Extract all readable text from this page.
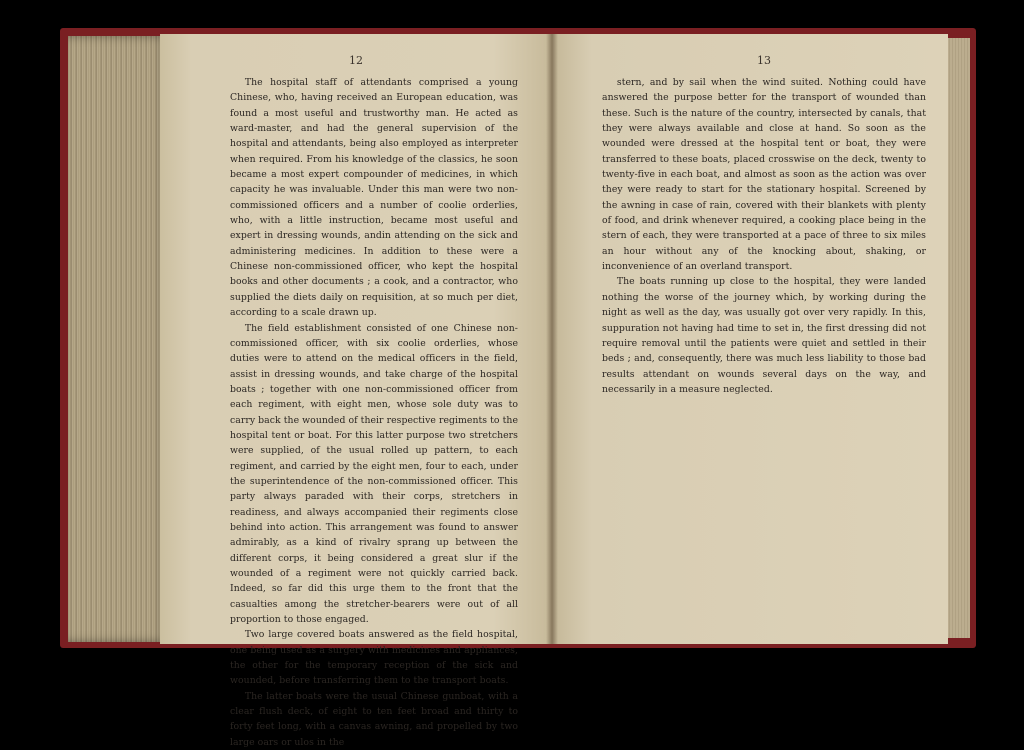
12

The hospital staff of attendants comprised a young Chinese, who, having received an European education, was found a most useful and trustworthy man. He acted as ward-master, and had the general supervision of the hospital and attendants, being also employed as interpreter when required. From his knowledge of the classics, he soon became a most expert compounder of medicines, in which capacity he was invaluable. Under this man were two non-commissioned officers and a number of coolie orderlies, who, with a little instruction, became most useful and expert in dressing wounds, andin attending on the sick and administering medicines. In addition to these were a Chinese non-commissioned officer, who kept the hospital books and other documents ; a cook, and a contractor, who supplied the diets daily on requisition, at so much per diet, according to a scale drawn up.

The field establishment consisted of one Chinese non-commissioned officer, with six coolie orderlies, whose duties were to attend on the medical officers in the field, assist in dressing wounds, and take charge of the hospital boats ; together with one non-commissioned officer from each regiment, with eight men, whose sole duty was to carry back the wounded of their respective regiments to the hospital tent or boat. For this latter purpose two stretchers were supplied, of the usual rolled up pattern, to each regiment, and carried by the eight men, four to each, under the superintendence of the non-commissioned officer. This party always paraded with their corps, stretchers in readiness, and always accompanied their regiments close behind into action. This arrangement was found to answer admirably, as a kind of rivalry sprang up between the different corps, it being considered a great slur if the wounded of a regiment were not quickly carried back. Indeed, so far did this urge them to the front that the casualties among the stretcher-bearers were out of all proportion to those engaged.

Two large covered boats answered as the field hospital, one being used as a surgery with medicines and appliances, the other for the temporary reception of the sick and wounded, before transferring them to the transport boats.

The latter boats were the usual Chinese gunboat, with a clear flush deck, of eight to ten feet broad and thirty to forty feet long, with a canvas awning, and propelled by two large oars or ulos in the

13

stern, and by sail when the wind suited. Nothing could have answered the purpose better for the transport of wounded than these. Such is the nature of the country, intersected by canals, that they were always available and close at hand. So soon as the wounded were dressed at the hospital tent or boat, they were transferred to these boats, placed crosswise on the deck, twenty to twenty-five in each boat, and almost as soon as the action was over they were ready to start for the stationary hospital. Screened by the awning in case of rain, covered with their blankets with plenty of food, and drink whenever required, a cooking place being in the stern of each, they were transported at a pace of three to six miles an hour without any of the knocking about, shaking, or inconvenience of an overland transport.

The boats running up close to the hospital, they were landed nothing the worse of the journey which, by working during the night as well as the day, was usually got over very rapidly. In this, suppuration not having had time to set in, the first dressing did not require removal until the patients were quiet and settled in their beds ; and, consequently, there was much less liability to those bad results attendant on wounds several days on the way, and necessarily in a measure neglected.
